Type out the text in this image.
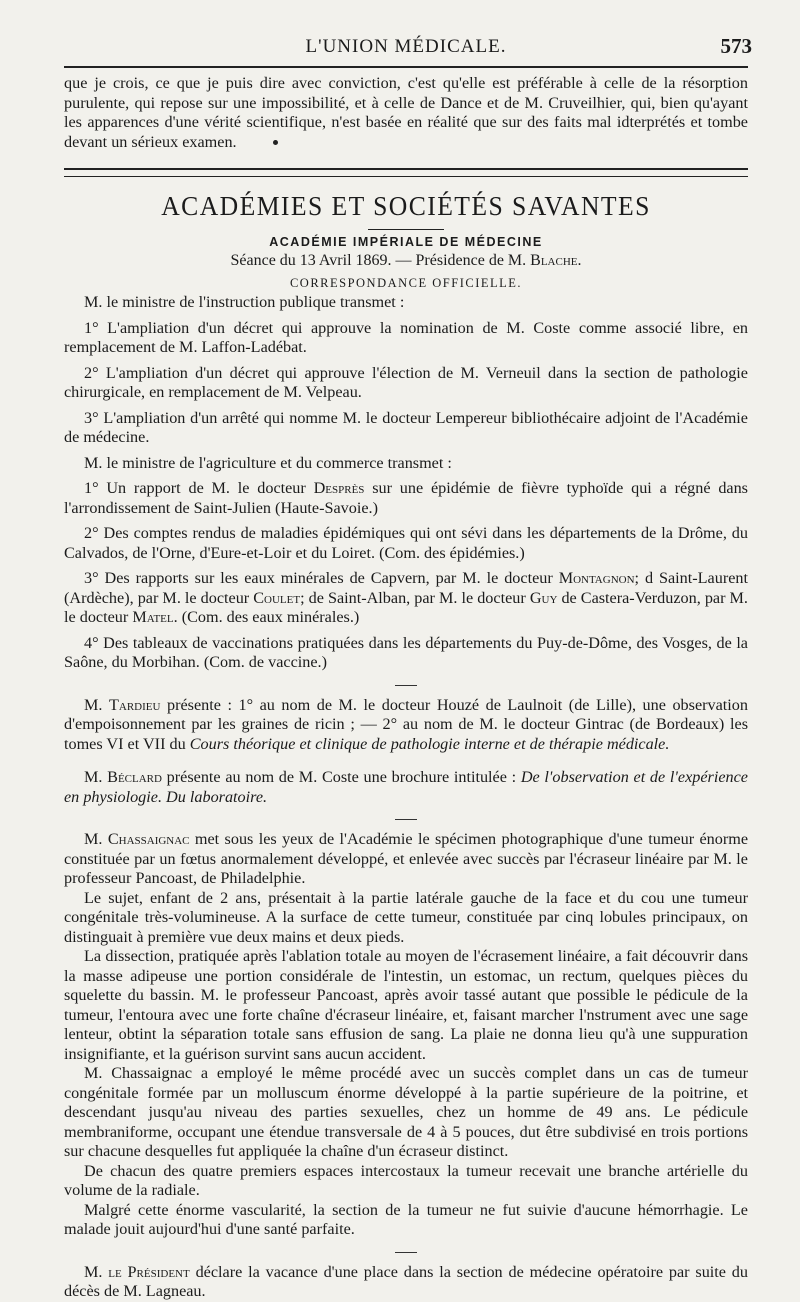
L'UNION MÉDICALE.	573

que je crois, ce que je puis dire avec conviction, c'est qu'elle est préférable à celle de la résorption purulente, qui repose sur une impossibilité, et à celle de Dance et de M. Cruveilhier, qui, bien qu'ayant les apparences d'une vérité scientifique, n'est basée en réalité que sur des faits mal idterprétés et tombe devant un sérieux examen.

ACADÉMIES ET SOCIÉTÉS SAVANTES
ACADÉMIE IMPÉRIALE DE MÉDECINE
Séance du 13 Avril 1869. — Présidence de M. Blache.
CORRESPONDANCE OFFICIELLE.

M. le ministre de l'instruction publique transmet :

1° L'ampliation d'un décret qui approuve la nomination de M. Coste comme associé libre, en remplacement de M. Laffon-Ladébat.

2° L'ampliation d'un décret qui approuve l'élection de M. Verneuil dans la section de pathologie chirurgicale, en remplacement de M. Velpeau.

3° L'ampliation d'un arrêté qui nomme M. le docteur Lempereur bibliothécaire adjoint de l'Académie de médecine.

M. le ministre de l'agriculture et du commerce transmet :

1° Un rapport de M. le docteur Desprès sur une épidémie de fièvre typhoïde qui a régné dans l'arrondissement de Saint-Julien (Haute-Savoie.)

2° Des comptes rendus de maladies épidémiques qui ont sévi dans les départements de la Drôme, du Calvados, de l'Orne, d'Eure-et-Loir et du Loiret. (Com. des épidémies.)

3° Des rapports sur les eaux minérales de Capvern, par M. le docteur Montagnon; d Saint-Laurent (Ardèche), par M. le docteur Coulet; de Saint-Alban, par M. le docteur Guy de Castera-Verduzon, par M. le docteur Matel. (Com. des eaux minérales.)

4° Des tableaux de vaccinations pratiquées dans les départements du Puy-de-Dôme, des Vosges, de la Saône, du Morbihan. (Com. de vaccine.)

M. Tardieu présente : 1° au nom de M. le docteur Houzé de Laulnoit (de Lille), une observation d'empoisonnement par les graines de ricin ; — 2° au nom de M. le docteur Gintrac (de Bordeaux) les tomes VI et VII du Cours théorique et clinique de pathologie interne et de thérapie médicale.

M. Béclard présente au nom de M. Coste une brochure intitulée : De l'observation et de l'expérience en physiologie. Du laboratoire.

M. Chassaignac met sous les yeux de l'Académie le spécimen photographique d'une tumeur énorme constituée par un fœtus anormalement développé, et enlevée avec succès par l'écraseur linéaire par M. le professeur Pancoast, de Philadelphie.

Le sujet, enfant de 2 ans, présentait à la partie latérale gauche de la face et du cou une tumeur congénitale très-volumineuse. A la surface de cette tumeur, constituée par cinq lobules principaux, on distinguait à première vue deux mains et deux pieds.

La dissection, pratiquée après l'ablation totale au moyen de l'écrasement linéaire, a fait découvrir dans la masse adipeuse une portion considérale de l'intestin, un estomac, un rectum, quelques pièces du squelette du bassin. M. le professeur Pancoast, après avoir tassé autant que possible le pédicule de la tumeur, l'entoura avec une forte chaîne d'écraseur linéaire, et, faisant marcher l'nstrument avec une sage lenteur, obtint la séparation totale sans effusion de sang. La plaie ne donna lieu qu'à une suppuration insignifiante, et la guérison survint sans aucun accident.

M. Chassaignac a employé le même procédé avec un succès complet dans un cas de tumeur congénitale formée par un molluscum énorme développé à la partie supérieure de la poitrine, et descendant jusqu'au niveau des parties sexuelles, chez un homme de 49 ans. Le pédicule membraniforme, occupant une étendue transversale de 4 à 5 pouces, dut être subdivisé en trois portions sur chacune desquelles fut appliquée la chaîne d'un écraseur distinct.

De chacun des quatre premiers espaces intercostaux la tumeur recevait une branche artérielle du volume de la radiale.

Malgré cette énorme vascularité, la section de la tumeur ne fut suivie d'aucune hémorrhagie. Le malade jouit aujourd'hui d'une santé parfaite.

M. le Président déclare la vacance d'une place dans la section de médecine opératoire par suite du décès de M. Lagneau.
